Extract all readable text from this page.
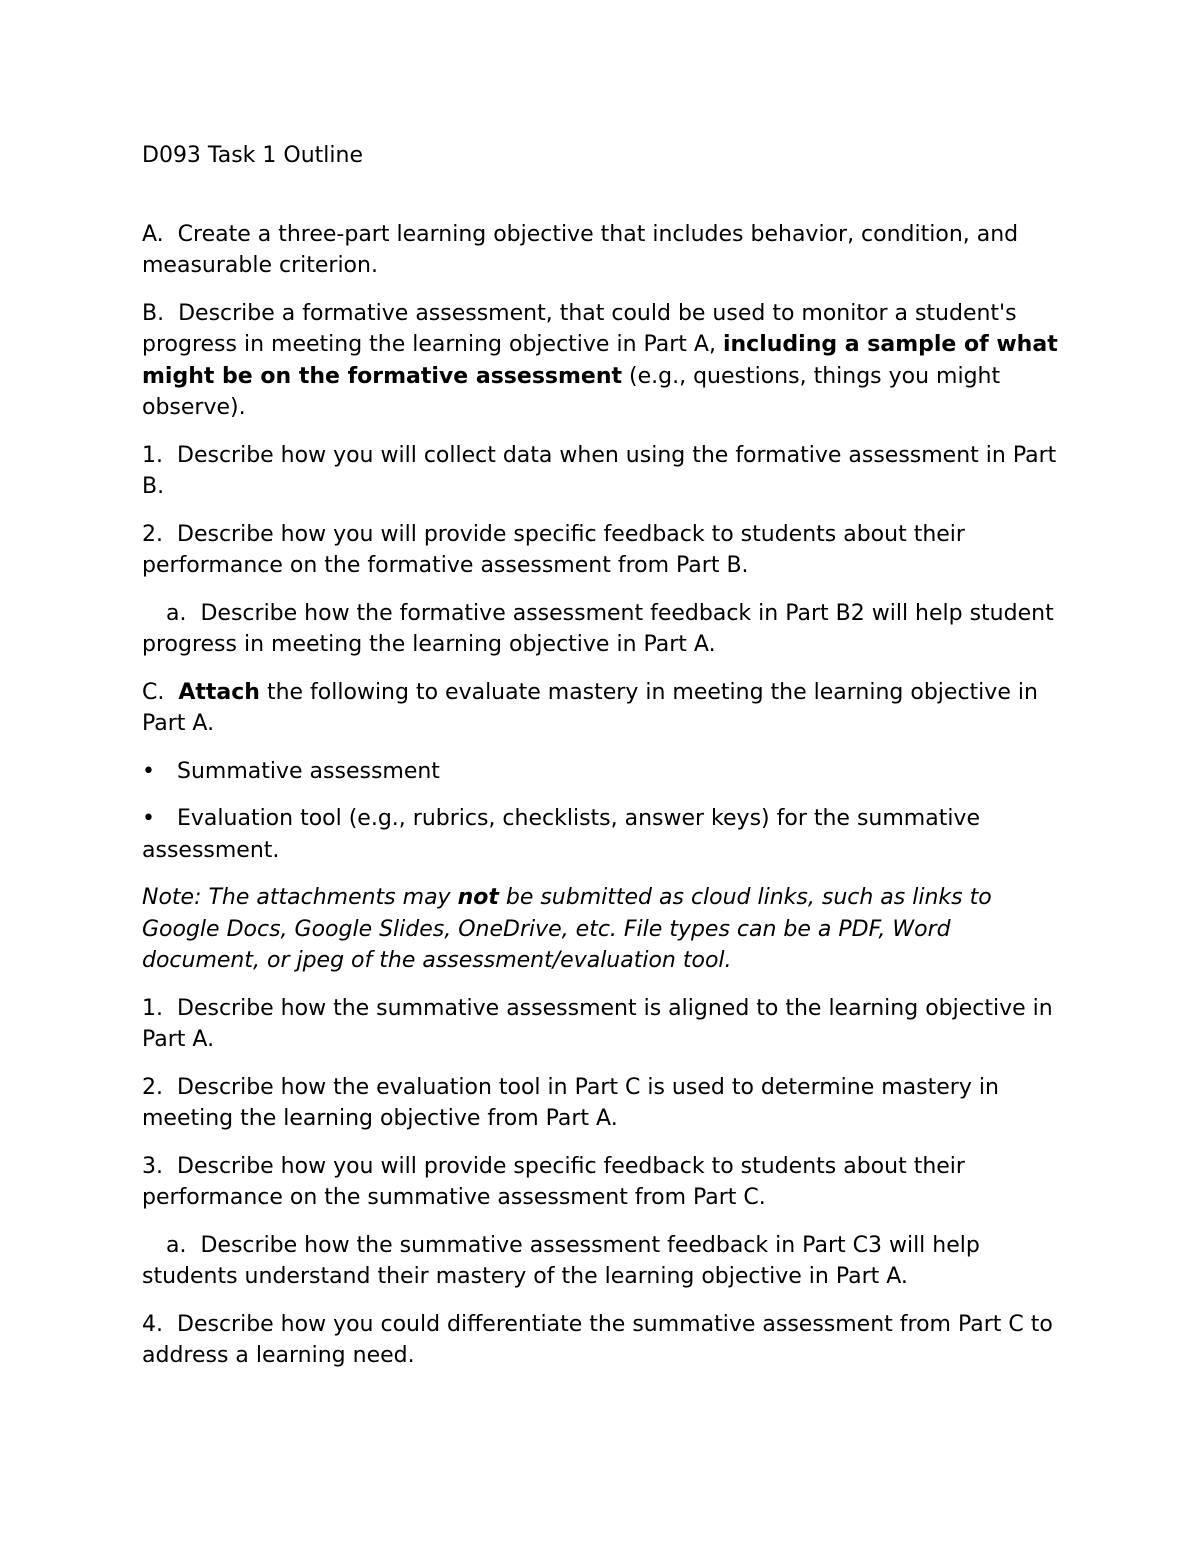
D093 Task 1 Outline
A. Create a three-part learning objective that includes behavior, condition, and measurable criterion.
B. Describe a formative assessment, that could be used to monitor a student's progress in meeting the learning objective in Part A, including a sample of what might be on the formative assessment (e.g., questions, things you might observe).
1. Describe how you will collect data when using the formative assessment in Part B.
2. Describe how you will provide specific feedback to students about their performance on the formative assessment from Part B.
a. Describe how the formative assessment feedback in Part B2 will help student progress in meeting the learning objective in Part A.
C. Attach the following to evaluate mastery in meeting the learning objective in Part A.
• Summative assessment
• Evaluation tool (e.g., rubrics, checklists, answer keys) for the summative assessment.
Note: The attachments may not be submitted as cloud links, such as links to Google Docs, Google Slides, OneDrive, etc. File types can be a PDF, Word document, or jpeg of the assessment/evaluation tool.
1. Describe how the summative assessment is aligned to the learning objective in Part A.
2. Describe how the evaluation tool in Part C is used to determine mastery in meeting the learning objective from Part A.
3. Describe how you will provide specific feedback to students about their performance on the summative assessment from Part C.
a. Describe how the summative assessment feedback in Part C3 will help students understand their mastery of the learning objective in Part A.
4. Describe how you could differentiate the summative assessment from Part C to address a learning need.
